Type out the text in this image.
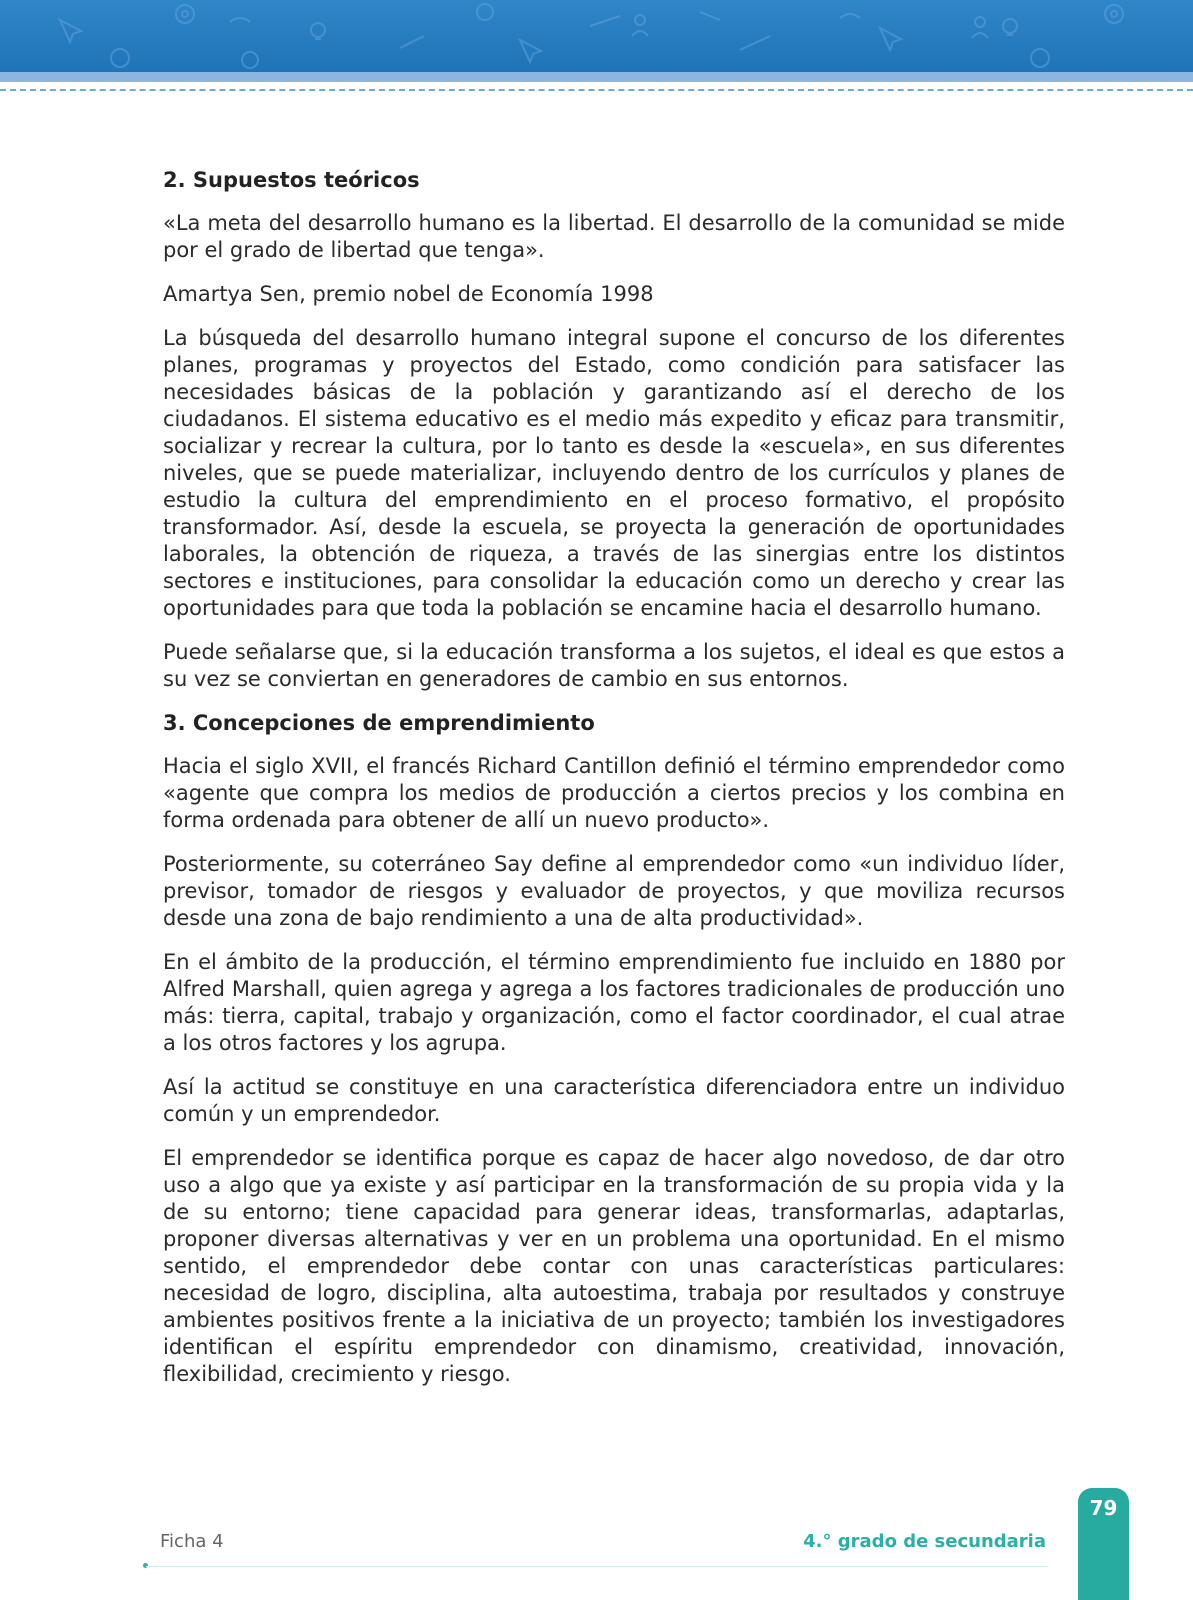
2. Supuestos teóricos

«La meta del desarrollo humano es la libertad. El desarrollo de la comunidad se mide por el grado de libertad que tenga».

Amartya Sen, premio nobel de Economía 1998

La búsqueda del desarrollo humano integral supone el concurso de los diferentes planes, programas y proyectos del Estado, como condición para satisfacer las necesidades básicas de la población y garantizando así el derecho de los ciudadanos. El sistema educativo es el medio más expedito y eficaz para transmitir, socializar y recrear la cultura, por lo tanto es desde la «escuela», en sus diferentes niveles, que se puede materializar, incluyendo dentro de los currículos y planes de estudio la cultura del emprendimiento en el proceso formativo, el propósito transformador. Así, desde la escuela, se proyecta la generación de oportunidades laborales, la obtención de riqueza, a través de las sinergias entre los distintos sectores e instituciones, para consolidar la educación como un derecho y crear las oportunidades para que toda la población se encamine hacia el desarrollo humano.

Puede señalarse que, si la educación transforma a los sujetos, el ideal es que estos a su vez se conviertan en generadores de cambio en sus entornos.

3. Concepciones de emprendimiento

Hacia el siglo XVII, el francés Richard Cantillon definió el término emprendedor como «agente que compra los medios de producción a ciertos precios y los combina en forma ordenada para obtener de allí un nuevo producto».

Posteriormente, su coterráneo Say define al emprendedor como «un individuo líder, previsor, tomador de riesgos y evaluador de proyectos, y que moviliza recursos desde una zona de bajo rendimiento a una de alta productividad».

En el ámbito de la producción, el término emprendimiento fue incluido en 1880 por Alfred Marshall, quien agrega y agrega a los factores tradicionales de producción uno más: tierra, capital, trabajo y organización, como el factor coordinador, el cual atrae a los otros factores y los agrupa.

Así la actitud se constituye en una característica diferenciadora entre un individuo común y un emprendedor.

El emprendedor se identifica porque es capaz de hacer algo novedoso, de dar otro uso a algo que ya existe y así participar en la transformación de su propia vida y la de su entorno; tiene capacidad para generar ideas, transformarlas, adaptarlas, proponer diversas alternativas y ver en un problema una oportunidad. En el mismo sentido, el emprendedor debe contar con unas características particulares: necesidad de logro, disciplina, alta autoestima, trabaja por resultados y construye ambientes positivos frente a la iniciativa de un proyecto; también los investigadores identifican el espíritu emprendedor con dinamismo, creatividad, innovación, flexibilidad, crecimiento y riesgo.

Ficha 4	4.° grado de secundaria
79
